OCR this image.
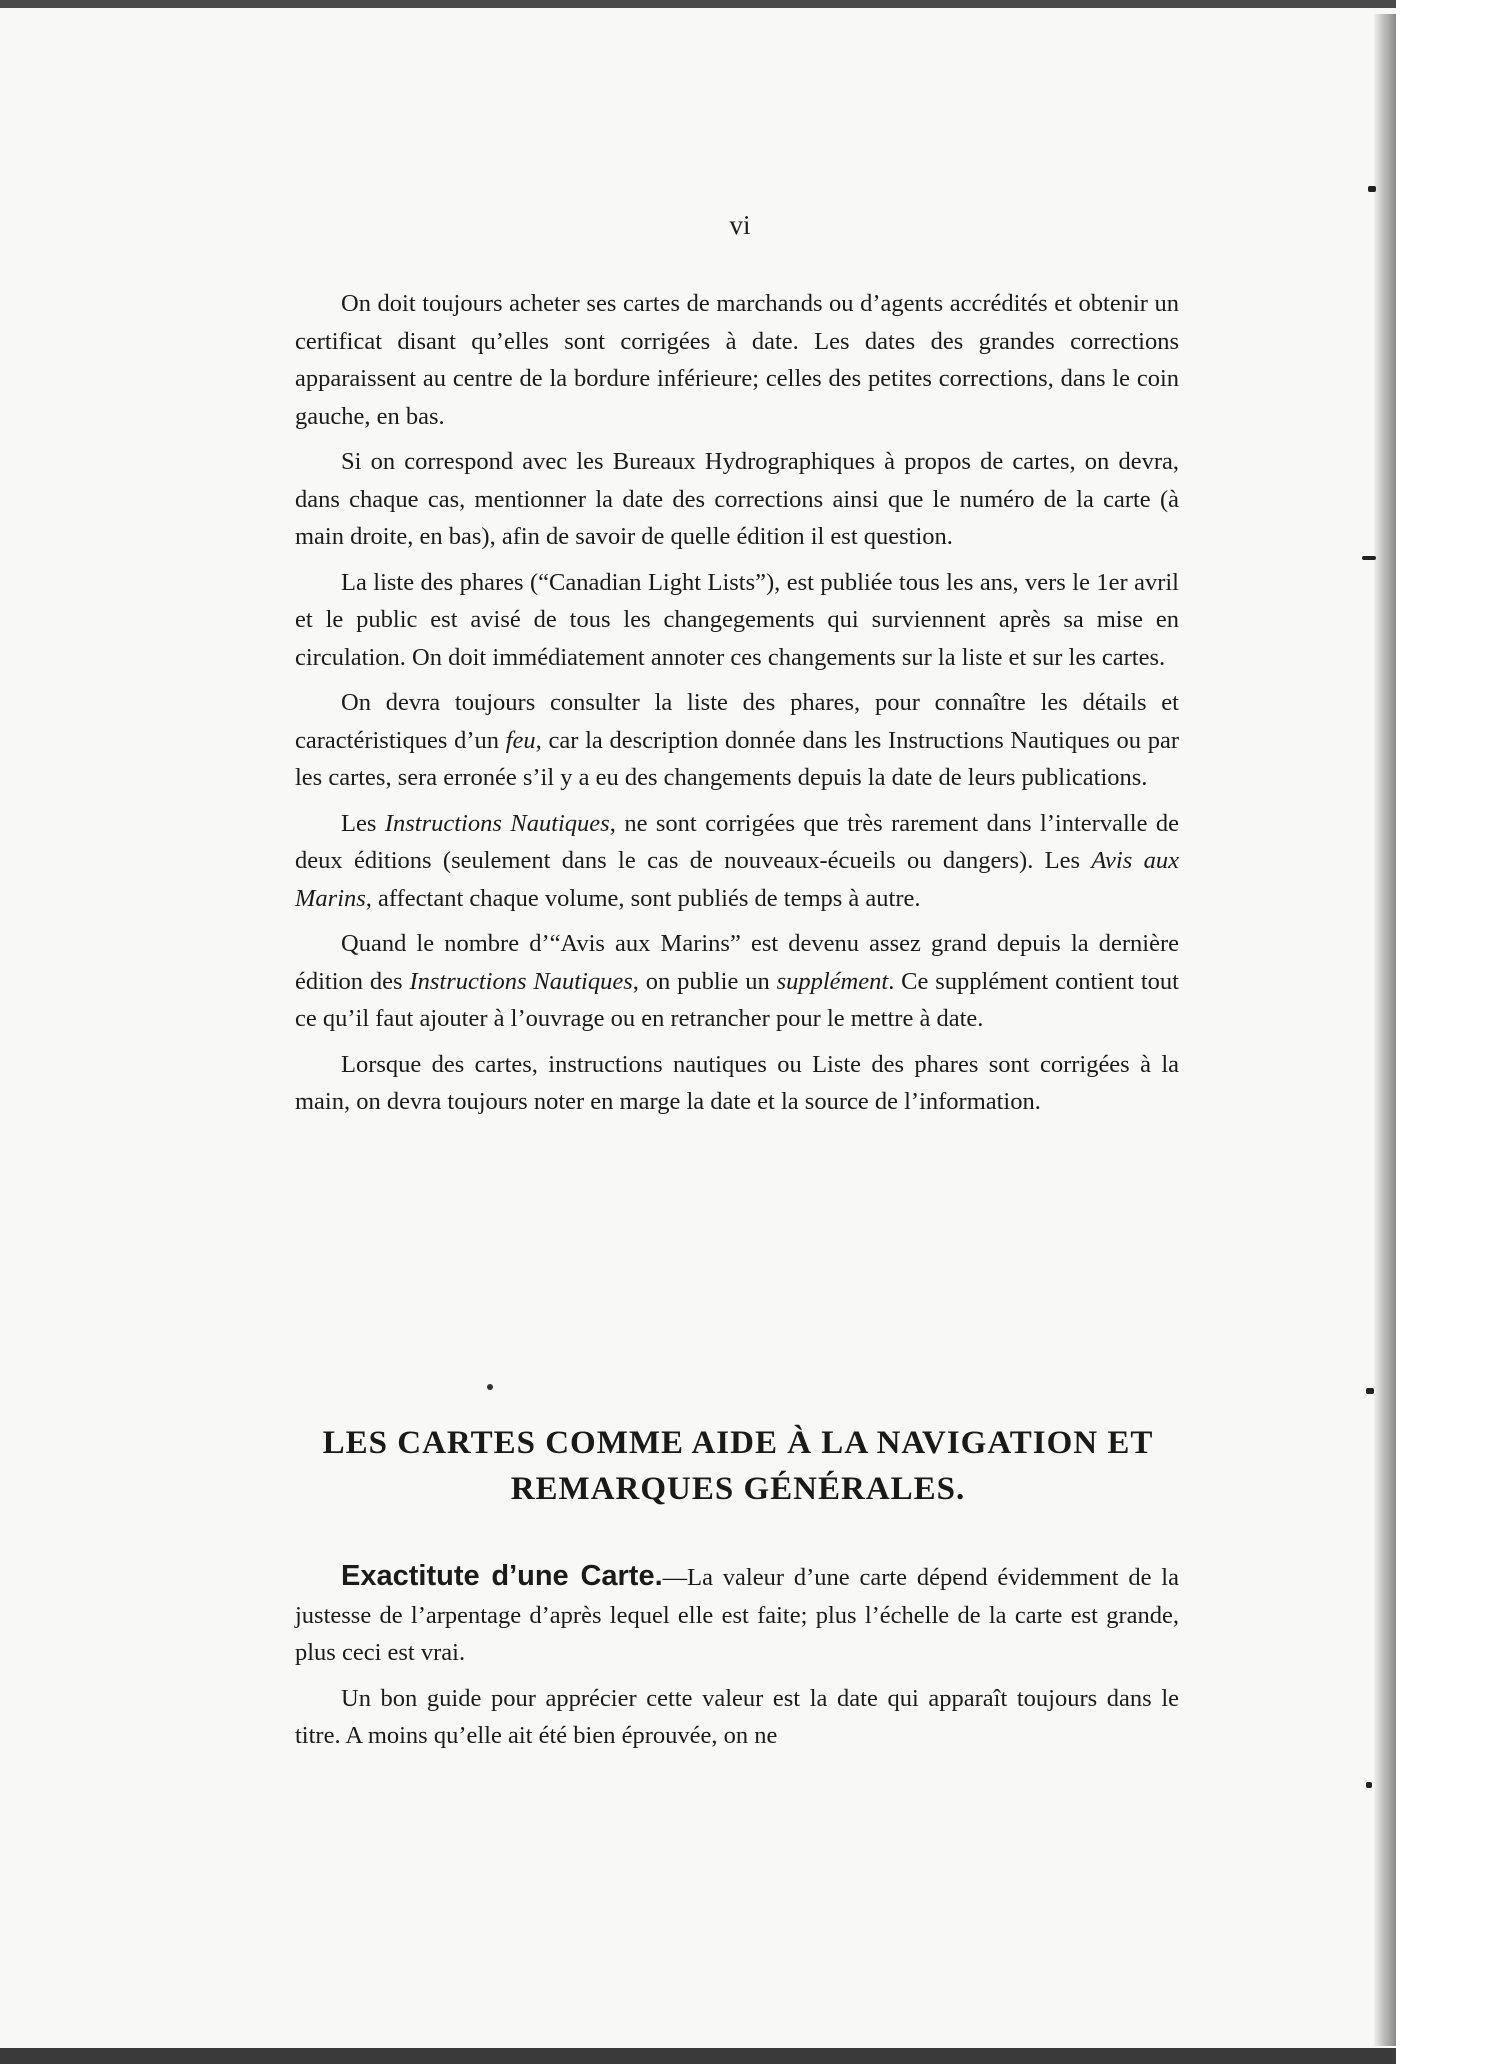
vi

On doit toujours acheter ses cartes de marchands ou d’agents accrédités et obtenir un certificat disant qu’elles sont corrigées à date. Les dates des grandes corrections apparaissent au centre de la bordure inférieure; celles des petites corrections, dans le coin gauche, en bas.

Si on correspond avec les Bureaux Hydrographiques à propos de cartes, on devra, dans chaque cas, mentionner la date des corrections ainsi que le numéro de la carte (à main droite, en bas), afin de savoir de quelle édition il est question.

La liste des phares (“Canadian Light Lists”), est publiée tous les ans, vers le 1er avril et le public est avisé de tous les changegements qui surviennent après sa mise en circulation. On doit immédiatement annoter ces changements sur la liste et sur les cartes.

On devra toujours consulter la liste des phares, pour connaître les détails et caractéristiques d’un feu, car la description donnée dans les Instructions Nautiques ou par les cartes, sera erronée s’il y a eu des changements depuis la date de leurs publications.

Les Instructions Nautiques, ne sont corrigées que très rarement dans l’intervalle de deux éditions (seulement dans le cas de nouveaux-écueils ou dangers). Les Avis aux Marins, affectant chaque volume, sont publiés de temps à autre.

Quand le nombre d’“Avis aux Marins” est devenu assez grand depuis la dernière édition des Instructions Nautiques, on publie un supplément. Ce supplément contient tout ce qu’il faut ajouter à l’ouvrage ou en retrancher pour le mettre à date.

Lorsque des cartes, instructions nautiques ou Liste des phares sont corrigées à la main, on devra toujours noter en marge la date et la source de l’information.

LES CARTES COMME AIDE À LA NAVIGATION ET
REMARQUES GÉNÉRALES.

Exactitute d’une Carte.—La valeur d’une carte dépend évidemment de la justesse de l’arpentage d’après lequel elle est faite; plus l’échelle de la carte est grande, plus ceci est vrai.

Un bon guide pour apprécier cette valeur est la date qui apparaît toujours dans le titre. A moins qu’elle ait été bien éprouvée, on ne
